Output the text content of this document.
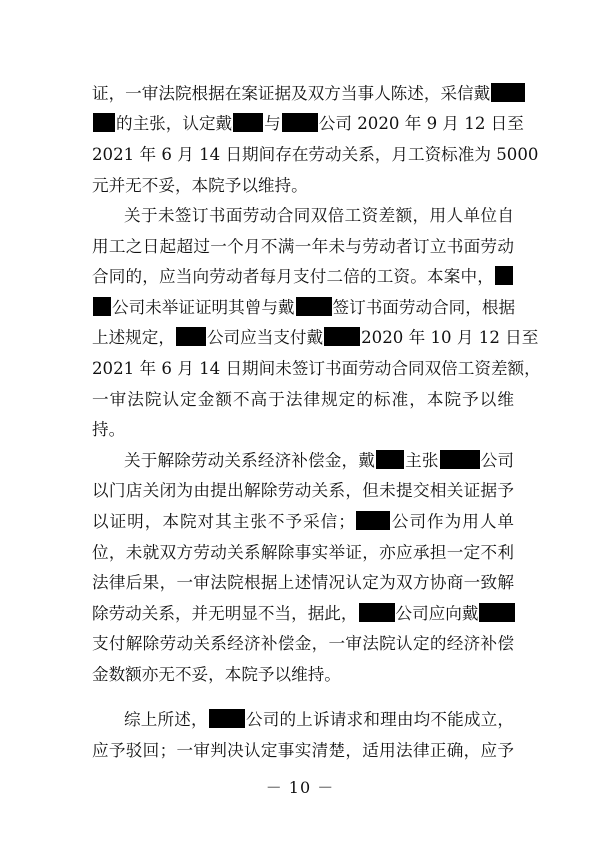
证，一审法院根据在案证据及双方当事人陈述，采信戴
的主张，认定戴 与 公司 2020 年 9 月 12 日至
2021 年 6 月 14 日期间存在劳动关系，月工资标准为 5000
元并无不妥，本院予以维持。
关于未签订书面劳动合同双倍工资差额，用人单位自
用工之日起超过一个月不满一年未与劳动者订立书面劳动
合同的，应当向劳动者每月支付二倍的工资。本案中，
公司未举证证明其曾与戴 签订书面劳动合同，根据
上述规定， 公司应当支付戴 2020 年 10 月 12 日至
2021 年 6 月 14 日期间未签订书面劳动合同双倍工资差额，
一审法院认定金额不高于法律规定的标准，本院予以维
持。
关于解除劳动关系经济补偿金，戴 主张	公司
以门店关闭为由提出解除劳动关系，但未提交相关证据予
以证明，本院对其主张不予采信； 公司作为用人单
位，未就双方劳动关系解除事实举证，亦应承担一定不利
法律后果，一审法院根据上述情况认定为双方协商一致解
除劳动关系，并无明显不当，据此， 公司应向戴
支付解除劳动关系经济补偿金，一审法院认定的经济补偿
金数额亦无不妥，本院予以维持。
综上所述， 公司的上诉请求和理由均不能成立，
应予驳回；一审判决认定事实清楚，适用法律正确，应予
－ 10 －
